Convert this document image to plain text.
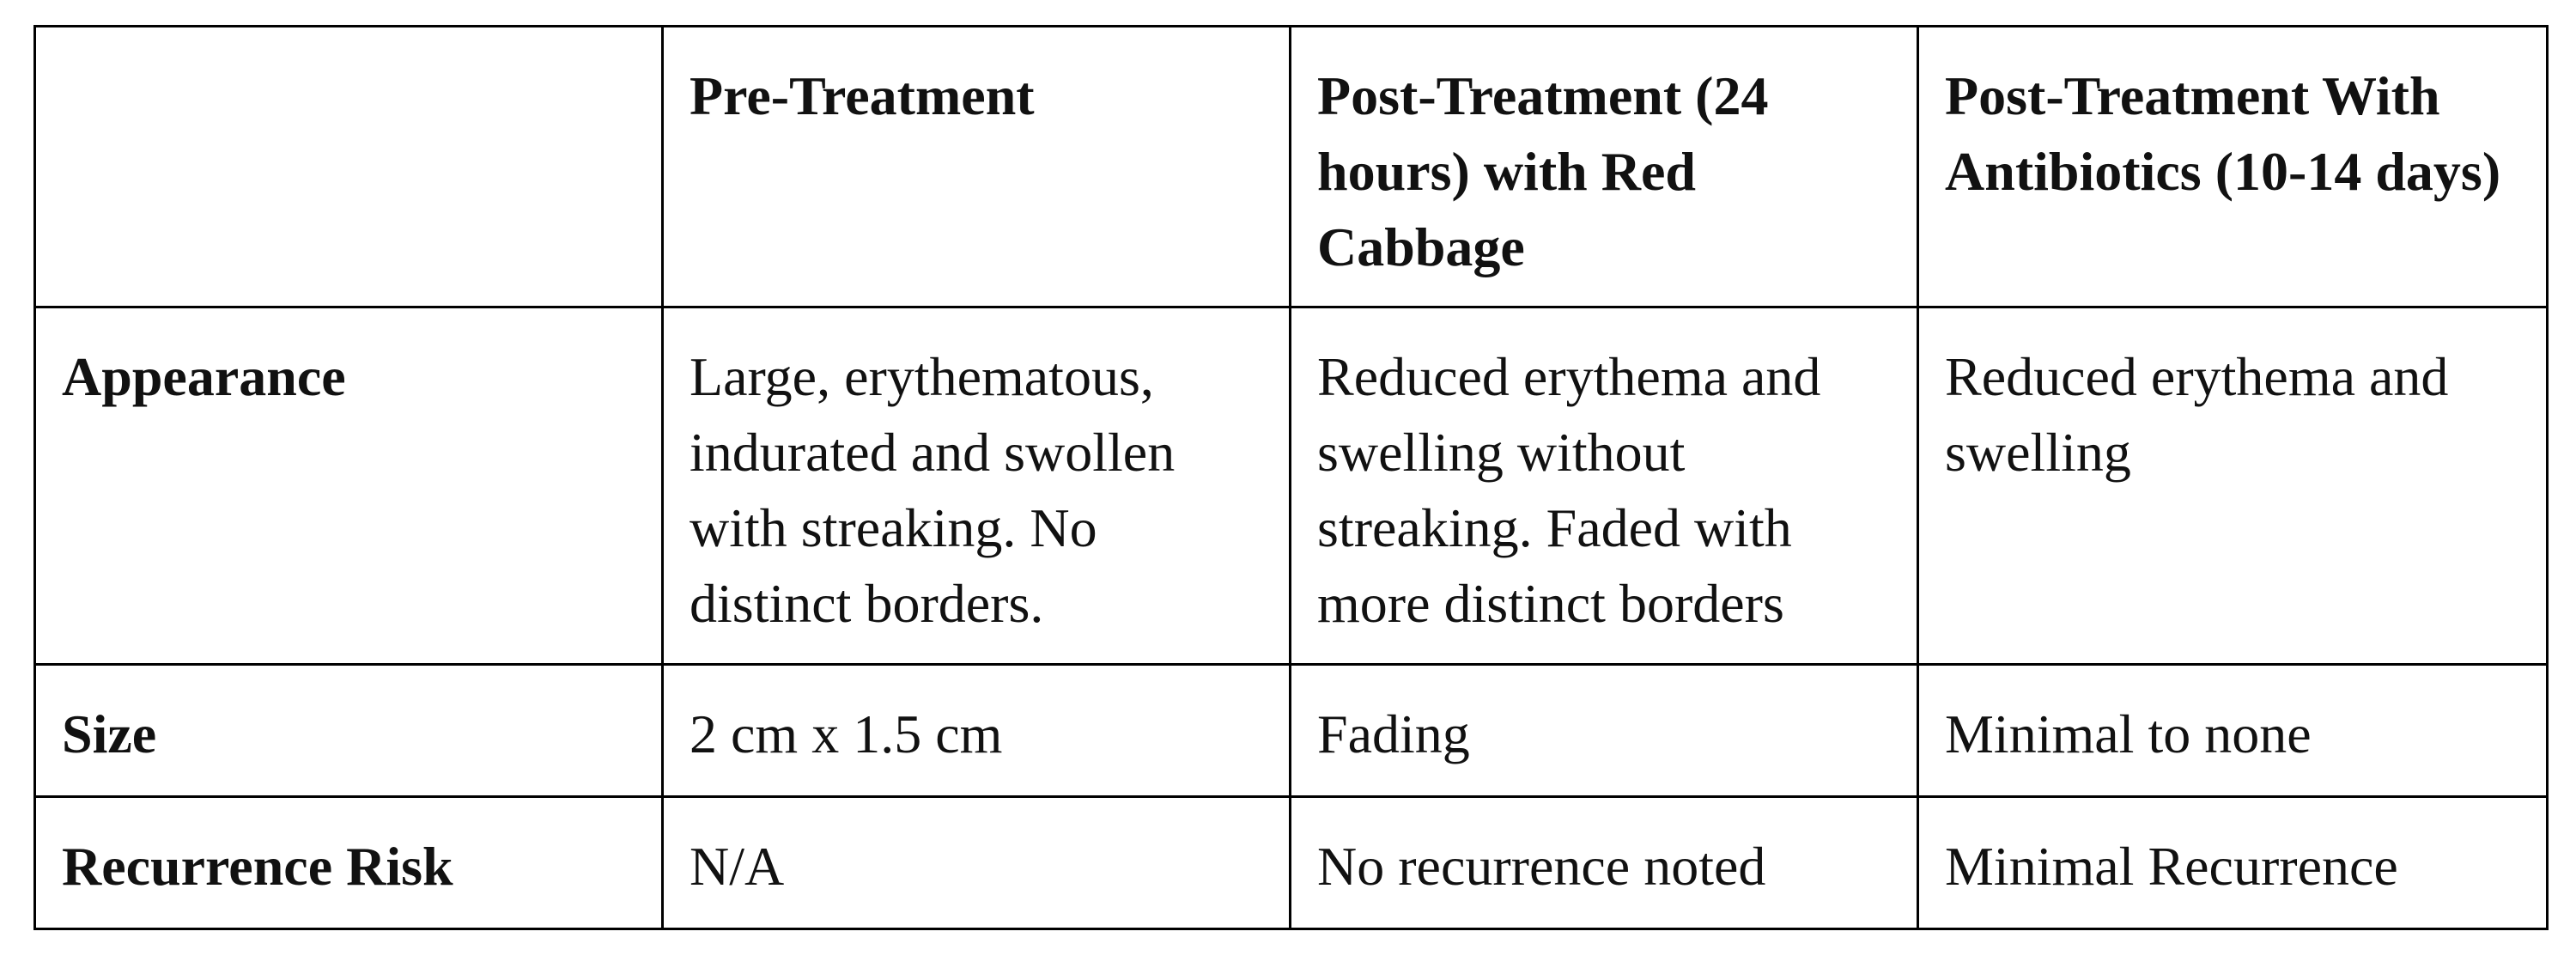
	Pre-Treatment	Post-Treatment (24 hours) with Red Cabbage	Post-Treatment With Antibiotics (10-14 days)
Appearance	Large, erythematous, indurated and swollen with streaking. No distinct borders.	Reduced erythema and swelling without streaking. Faded with more distinct borders	Reduced erythema and swelling
Size	2 cm x 1.5 cm	Fading	Minimal to none
Recurrence Risk	N/A	No recurrence noted	Minimal Recurrence
